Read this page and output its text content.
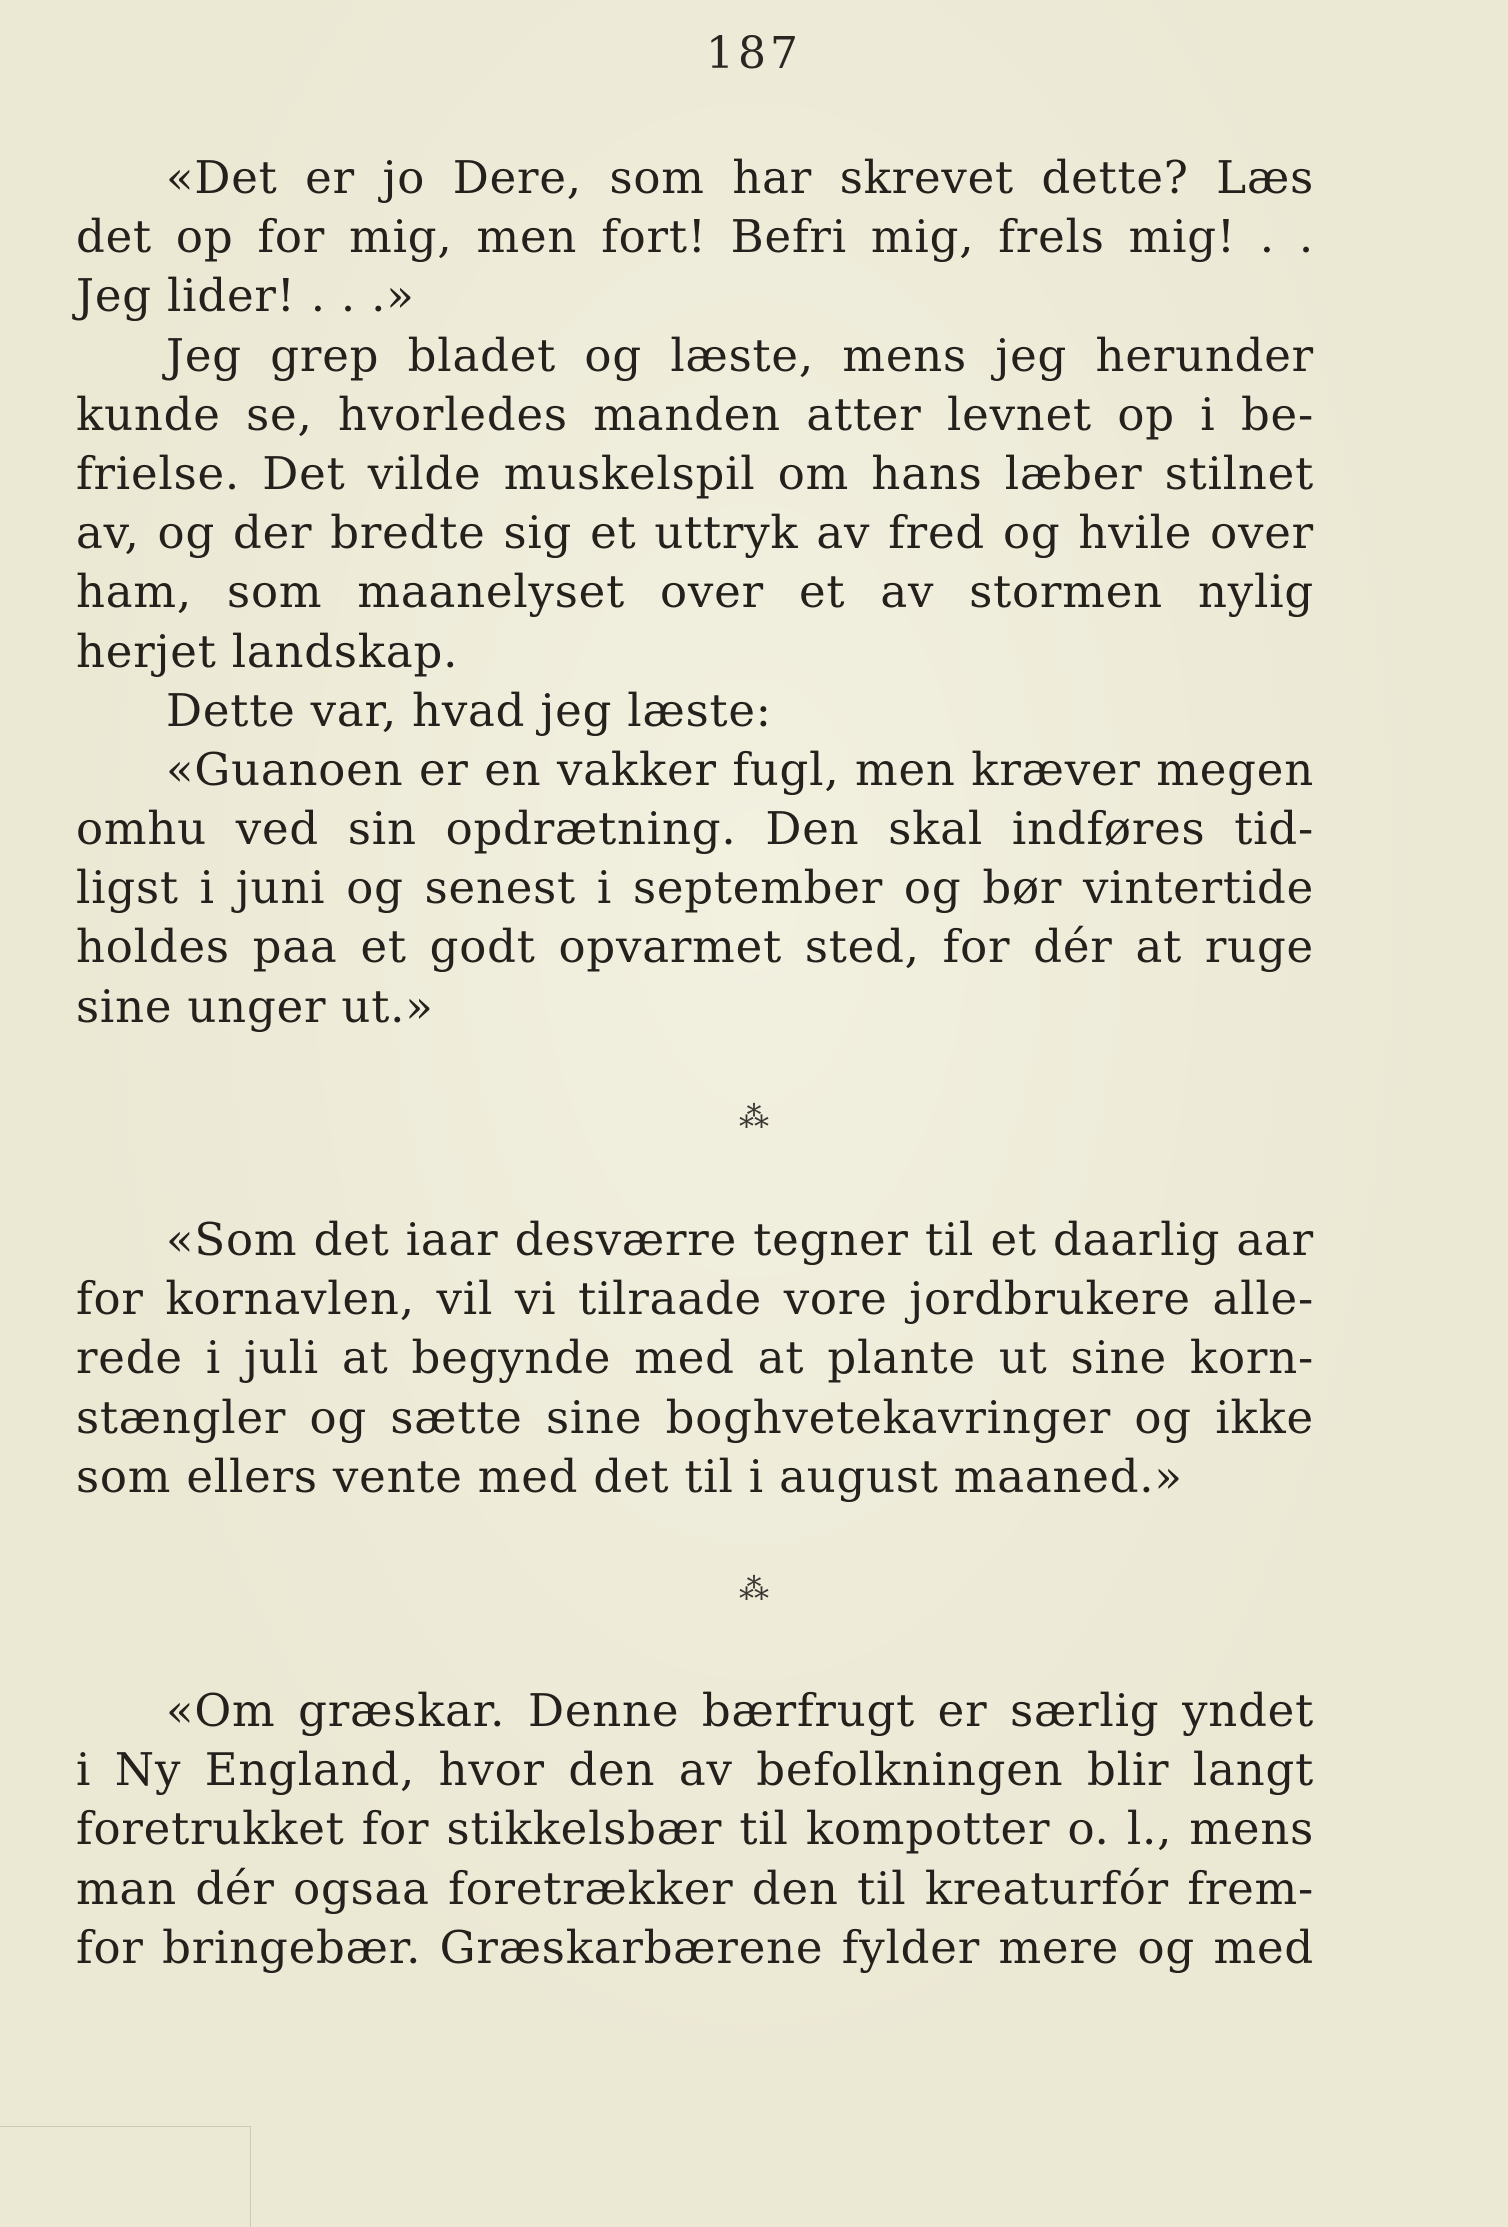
187
«Det er jo Dere, som har skrevet dette? Læs
det op for mig, men fort! Befri mig, frels mig! . .
Jeg lider! . . .»
Jeg grep bladet og læste, mens jeg herunder
kunde se, hvorledes manden atter levnet op i be-
frielse. Det vilde muskelspil om hans læber stilnet
av, og der bredte sig et uttryk av fred og hvile over
ham, som maanelyset over et av stormen nylig
herjet landskap.
Dette var, hvad jeg læste:
«Guanoen er en vakker fugl, men kræver megen
omhu ved sin opdrætning. Den skal indføres tid-
ligst i juni og senest i september og bør vintertide
holdes paa et godt opvarmet sted, for dér at ruge
sine unger ut.»
⁂
«Som det iaar desværre tegner til et daarlig aar
for kornavlen, vil vi tilraade vore jordbrukere alle-
rede i juli at begynde med at plante ut sine korn-
stængler og sætte sine boghvetekavringer og ikke
som ellers vente med det til i august maaned.»
⁂
«Om græskar. Denne bærfrugt er særlig yndet
i Ny England, hvor den av befolkningen blir langt
foretrukket for stikkelsbær til kompotter o. l., mens
man dér ogsaa foretrækker den til kreaturfór frem-
for bringebær. Græskarbærene fylder mere og med
